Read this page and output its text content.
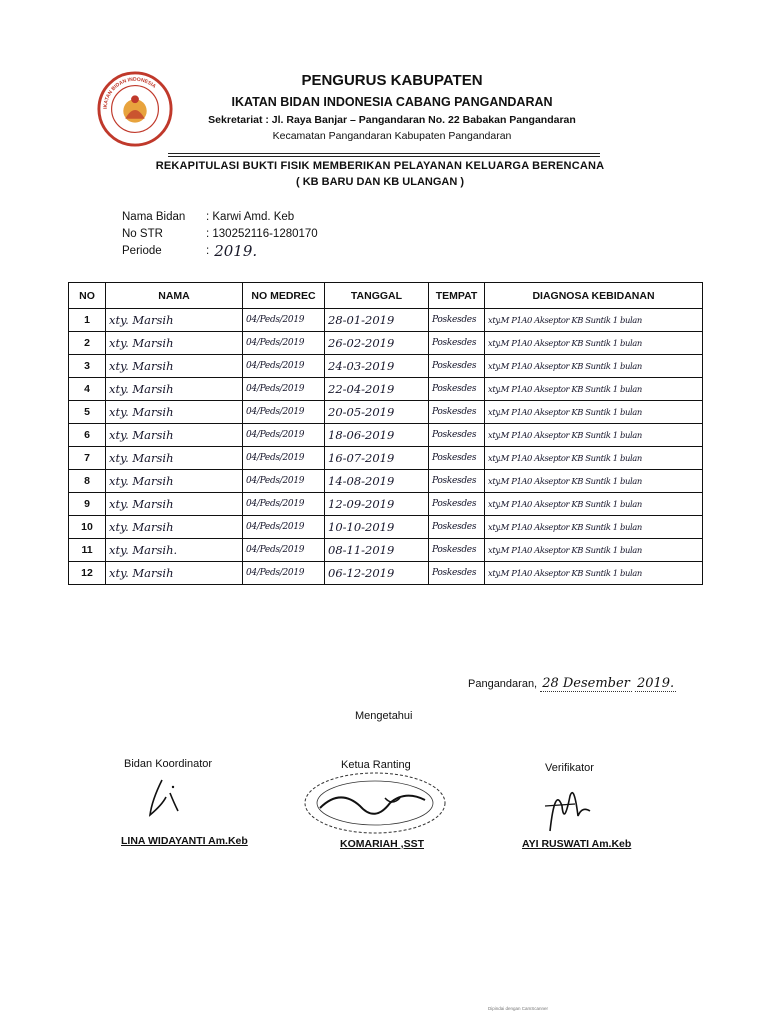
IKATAN BIDAN INDONESIA	PENGURUS KABUPATEN
IKATAN BIDAN INDONESIA CABANG PANGANDARAN
Sekretariat : Jl. Raya Banjar – Pangandaran No. 22 Babakan Pangandaran
Kecamatan Pangandaran Kabupaten Pangandaran
REKAPITULASI BUKTI FISIK MEMBERIKAN PELAYANAN KELUARGA BERENCANA
( KB BARU DAN KB ULANGAN )
Nama Bidan	: Karwi Amd. Keb
No STR	: 130252116-1280170
Periode	: 2019.
NO	NAMA	NO MEDREC	TANGGAL	TEMPAT	DIAGNOSA KEBIDANAN
1	xty. Marsih	04/Peds/2019	28-01-2019	Poskesdes	xty.M P1A0 Akseptor KB Suntik 1 bulan
2	xty. Marsih	04/Peds/2019	26-02-2019	Poskesdes	xty.M P1A0 Akseptor KB Suntik 1 bulan
3	xty. Marsih	04/Peds/2019	24-03-2019	Poskesdes	xty.M P1A0 Akseptor KB Suntik 1 bulan
4	xty. Marsih	04/Peds/2019	22-04-2019	Poskesdes	xty.M P1A0 Akseptor KB Suntik 1 bulan
5	xty. Marsih	04/Peds/2019	20-05-2019	Poskesdes	xty.M P1A0 Akseptor KB Suntik 1 bulan
6	xty. Marsih	04/Peds/2019	18-06-2019	Poskesdes	xty.M P1A0 Akseptor KB Suntik 1 bulan
7	xty. Marsih	04/Peds/2019	16-07-2019	Poskesdes	xty.M P1A0 Akseptor KB Suntik 1 bulan
8	xty. Marsih	04/Peds/2019	14-08-2019	Poskesdes	xty.M P1A0 Akseptor KB Suntik 1 bulan
9	xty. Marsih	04/Peds/2019	12-09-2019	Poskesdes	xty.M P1A0 Akseptor KB Suntik 1 bulan
10	xty. Marsih	04/Peds/2019	10-10-2019	Poskesdes	xty.M P1A0 Akseptor KB Suntik 1 bulan
11	xty. Marsih.	04/Peds/2019	08-11-2019	Poskesdes	xty.M P1A0 Akseptor KB Suntik 1 bulan
12	xty. Marsih	04/Peds/2019	06-12-2019	Poskesdes	xty.M P1A0 Akseptor KB Suntik 1 bulan
Pangandaran, 28 Desember 2019.
Mengetahui
Bidan Koordinator	Ketua Ranting	Verifikator
LINA WIDAYANTI Am.Keb	KOMARIAH ,SST	AYI RUSWATI Am.Keb
Dipindai dengan CamScanner
